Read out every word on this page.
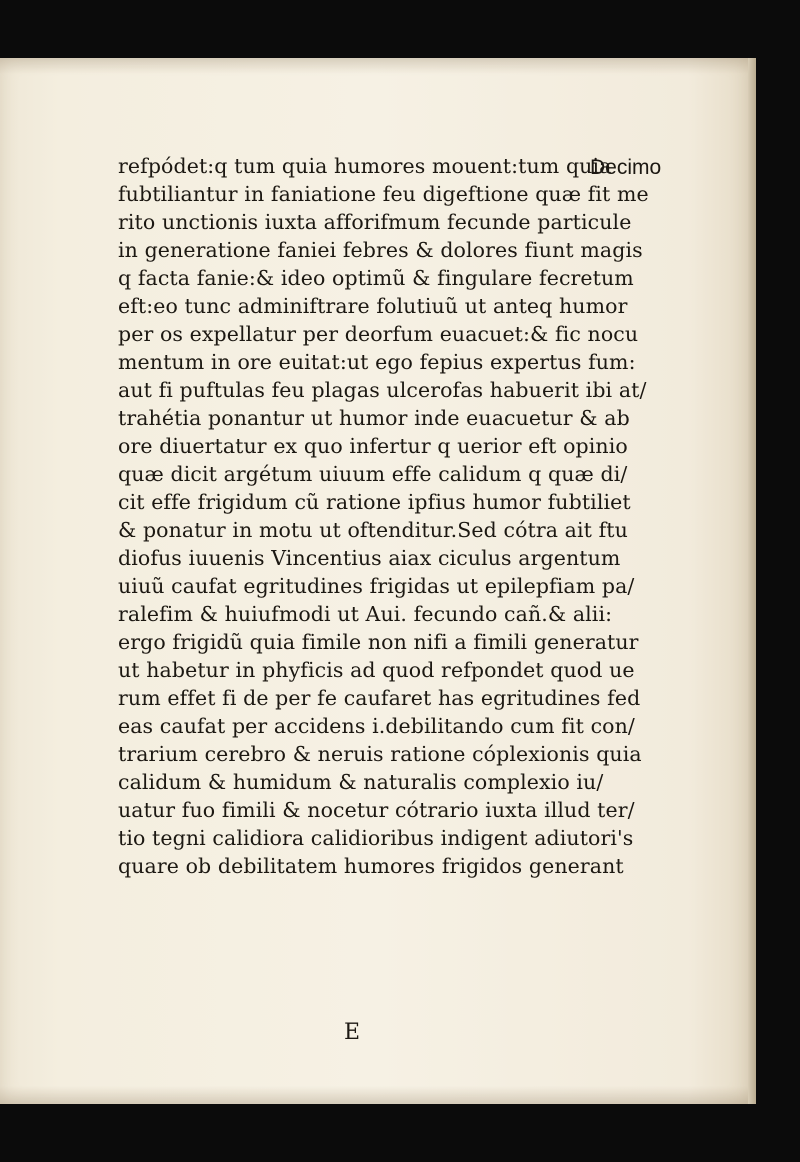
Decimo
refpódet:q tum quia humores mouent:tum quia
fubtiliantur in faniatione feu digeftione quæ fit me
rito unctionis iuxta afforifmum fecunde particule
in generatione faniei febres & dolores fiunt magis
q facta fanie:& ideo optimũ & fingulare fecretum
eft:eo tunc adminiftrare folutiuũ ut anteq humor
per os expellatur per deorfum euacuet:& fic nocu
mentum in ore euitat:ut ego fepius expertus fum:
aut fi puftulas feu plagas ulcerofas habuerit ibi at/
trahétia ponantur ut humor inde euacuetur & ab
ore diuertatur ex quo infertur q uerior eft opinio
quæ dicit argétum uiuum effe calidum q quæ di/
cit effe frigidum cũ ratione ipfius humor fubtiliet
& ponatur in motu ut oftenditur.Sed cótra ait ftu
diofus iuuenis Vincentius aiax ciculus argentum
uiuũ caufat egritudines frigidas ut epilepfiam pa/
ralefim & huiufmodi ut Aui. fecundo cañ.& alii:
ergo frigidũ quia fimile non nifi a fimili generatur
ut habetur in phyficis ad quod refpondet quod ue
rum effet fi de per fe caufaret has egritudines fed
eas caufat per accidens i.debilitando cum fit con/
trarium cerebro & neruis ratione cóplexionis quia
calidum & humidum & naturalis complexio iu/
uatur fuo fimili & nocetur cótrario iuxta illud ter/
tio tegni calidiora calidioribus indigent adiutori's
quare ob debilitatem humores frigidos generant
E
